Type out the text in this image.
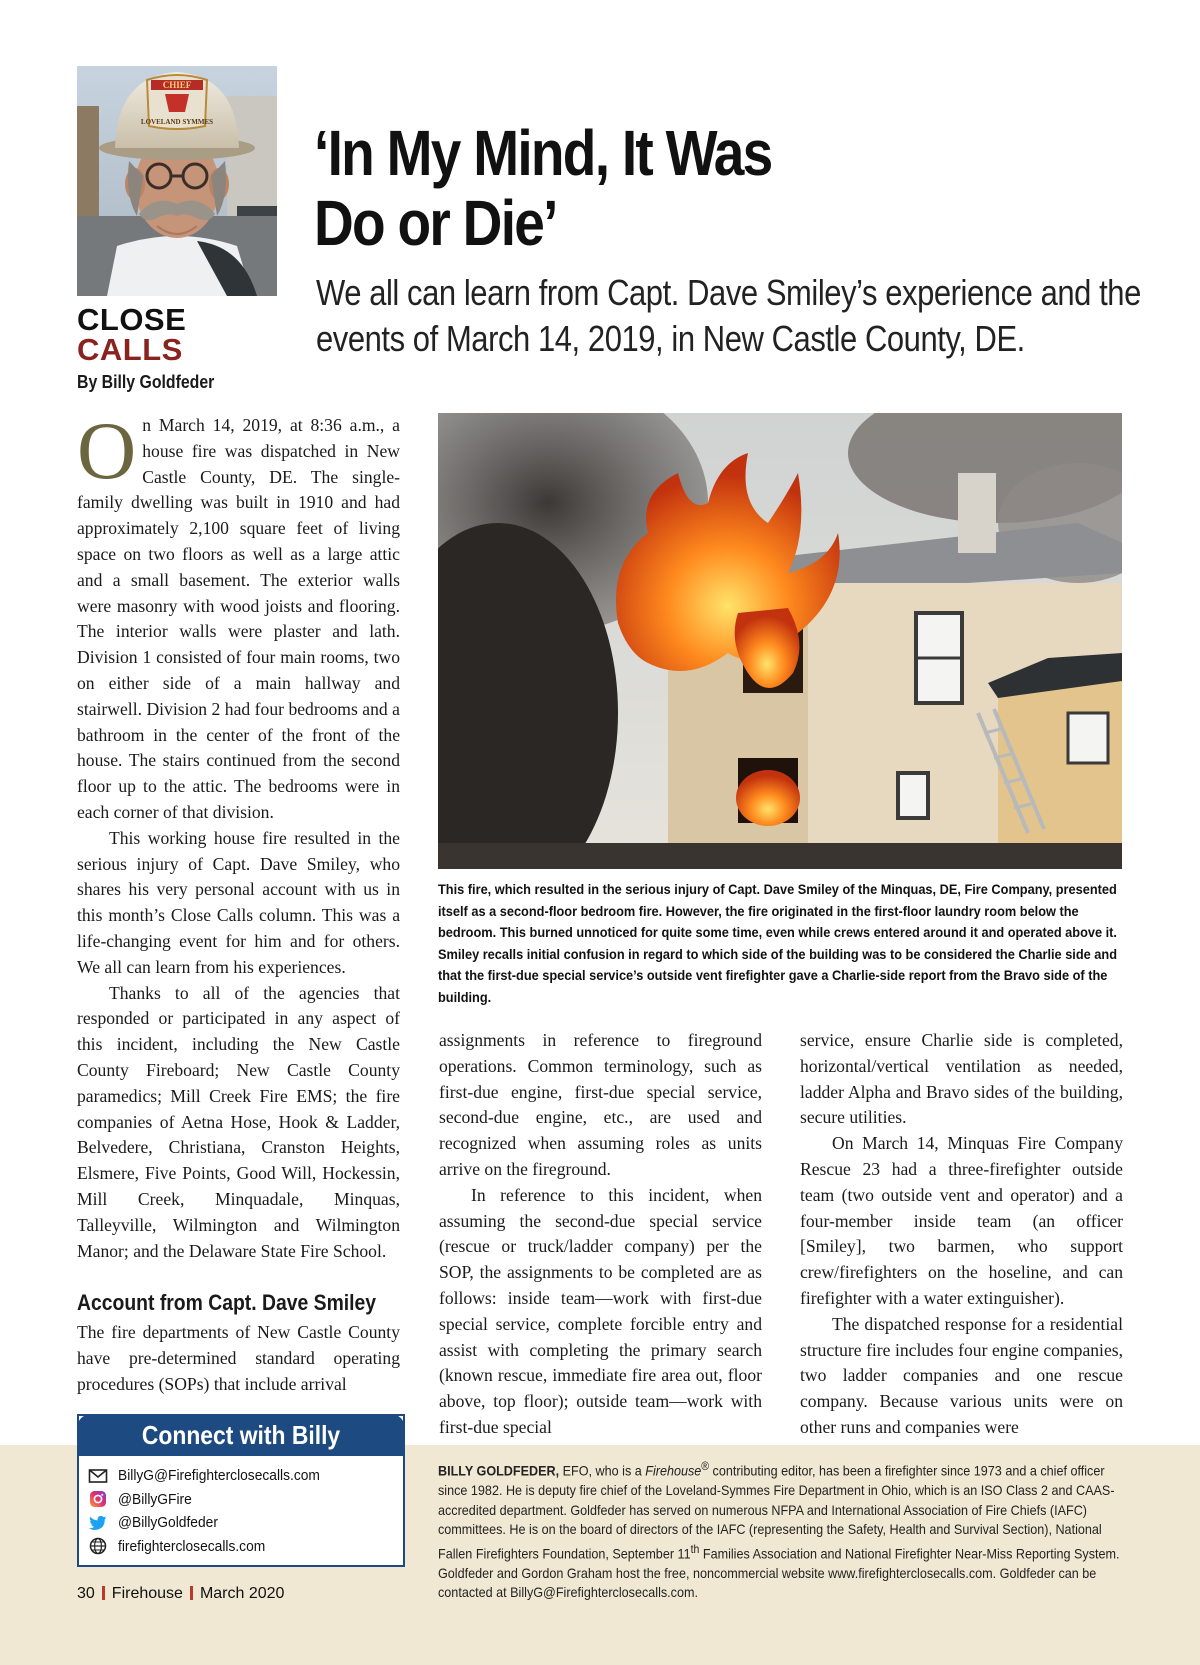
CHIEF
LOVELAND SYMMES ‘In My Mind, It Was
Do or Die’

We all can learn from Capt. Dave Smiley’s experience and the events of March 14, 2019, in New Castle County, DE.

CLOSE
CALLS
By Billy Goldfeder

On March 14, 2019, at 8:36 a.m., a house fire was dispatched in New Castle County, DE. The single-family dwelling was built in 1910 and had approximately 2,100 square feet of living space on two floors as well as a large attic and a small basement. The exterior walls were masonry with wood joists and flooring. The interior walls were plaster and lath. Division 1 consisted of four main rooms, two on either side of a main hallway and stairwell. Division 2 had four bedrooms and a bathroom in the center of the front of the house. The stairs continued from the second floor up to the attic. The bedrooms were in each corner of that division.

This working house fire resulted in the serious injury of Capt. Dave Smiley, who shares his very personal account with us in this month’s Close Calls column. This was a life-changing event for him and for others. We all can learn from his experiences.

Thanks to all of the agencies that responded or participated in any aspect of this incident, including the New Castle County Fireboard; New Castle County paramedics; Mill Creek Fire EMS; the fire companies of Aetna Hose, Hook & Ladder, Belvedere, Christiana, Cranston Heights, Elsmere, Five Points, Good Will, Hockessin, Mill Creek, Minquadale, Minquas, Talleyville, Wilmington and Wilmington Manor; and the Delaware State Fire School.

Account from Capt. Dave Smiley

The fire departments of New Castle County have pre-determined standard operating procedures (SOPs) that include arrival

This fire, which resulted in the serious injury of Capt. Dave Smiley of the Minquas, DE, Fire Company, presented itself as a second-floor bedroom fire. However, the fire originated in the first-floor laundry room below the bedroom. This burned unnoticed for quite some time, even while crews entered around it and operated above it. Smiley recalls initial confusion in regard to which side of the building was to be considered the Charlie side and that the first-due special service’s outside vent firefighter gave a Charlie-side report from the Bravo side of the building.

assignments in reference to fireground operations. Common terminology, such as first-due engine, first-due special service, second-due engine, etc., are used and recognized when assuming roles as units arrive on the fireground.

In reference to this incident, when assuming the second-due special service (rescue or truck/ladder company) per the SOP, the assignments to be completed are as follows: inside team—work with first-due special service, complete forcible entry and assist with completing the primary search (known rescue, immediate fire area out, floor above, top floor); outside team—work with first-due special

service, ensure Charlie side is completed, horizontal/vertical ventilation as needed, ladder Alpha and Bravo sides of the building, secure utilities.

On March 14, Minquas Fire Company Rescue 23 had a three-firefighter outside team (two outside vent and operator) and a four-member inside team (an officer [Smiley], two barmen, who support crew/firefighters on the hoseline, and can firefighter with a water extinguisher).

The dispatched response for a residential structure fire includes four engine companies, two ladder companies and one rescue company. Because various units were on other runs and companies were

BILLY GOLDFEDER, EFO, who is a Firehouse® contributing editor, has been a firefighter since 1973 and a chief officer since 1982. He is deputy fire chief of the Loveland-Symmes Fire Department in Ohio, which is an ISO Class 2 and CAAS-accredited department. Goldfeder has served on numerous NFPA and International Association of Fire Chiefs (IAFC) committees. He is on the board of directors of the IAFC (representing the Safety, Health and Survival Section), National Fallen Firefighters Foundation, September 11th Families Association and National Firefighter Near-Miss Reporting System. Goldfeder and Gordon Graham host the free, noncommercial website www.firefighterclosecalls.com. Goldfeder can be contacted at BillyG@Firefighterclosecalls.com.

Connect with Billy
BillyG@Firefighterclosecalls.com
@BillyGFire
@BillyGoldfeder
firefighterclosecalls.com
30 Firehouse March 2020
